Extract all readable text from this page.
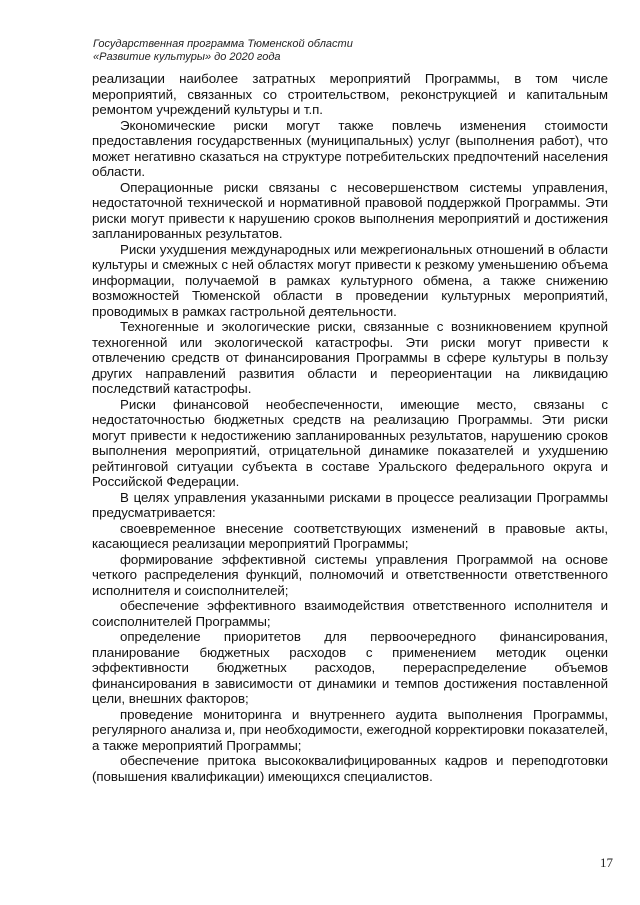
Государственная программа Тюменской области
«Развитие культуры» до 2020 года

реализации наиболее затратных мероприятий Программы, в том числе мероприятий, связанных со строительством, реконструкцией и капитальным ремонтом учреждений культуры и т.п.

Экономические риски могут также повлечь изменения стоимости предоставления государственных (муниципальных) услуг (выполнения работ), что может негативно сказаться на структуре потребительских предпочтений населения области.

Операционные риски связаны с несовершенством системы управления, недостаточной технической и нормативной правовой поддержкой Программы. Эти риски могут привести к нарушению сроков выполнения мероприятий и достижения запланированных результатов.

Риски ухудшения международных или межрегиональных отношений в области культуры и смежных с ней областях могут привести к резкому уменьшению объема информации, получаемой в рамках культурного обмена, а также снижению возможностей Тюменской области в проведении культурных мероприятий, проводимых в рамках гастрольной деятельности.

Техногенные и экологические риски, связанные с возникновением крупной техногенной или экологической катастрофы. Эти риски могут привести к отвлечению средств от финансирования Программы в сфере культуры в пользу других направлений развития области и переориентации на ликвидацию последствий катастрофы.

Риски финансовой необеспеченности, имеющие место, связаны с недостаточностью бюджетных средств на реализацию Программы. Эти риски могут привести к недостижению запланированных результатов, нарушению сроков выполнения мероприятий, отрицательной динамике показателей и ухудшению рейтинговой ситуации субъекта в составе Уральского федерального округа и Российской Федерации.

В целях управления указанными рисками в процессе реализации Программы предусматривается:

своевременное внесение соответствующих изменений в правовые акты, касающиеся реализации мероприятий Программы;

формирование эффективной системы управления Программой на основе четкого распределения функций, полномочий и ответственности ответственного исполнителя и соисполнителей;

обеспечение эффективного взаимодействия ответственного исполнителя и соисполнителей Программы;

определение приоритетов для первоочередного финансирования, планирование бюджетных расходов с применением методик оценки эффективности бюджетных расходов, перераспределение объемов финансирования в зависимости от динамики и темпов достижения поставленной цели, внешних факторов;

проведение мониторинга и внутреннего аудита выполнения Программы, регулярного анализа и, при необходимости, ежегодной корректировки показателей, а также мероприятий Программы;

обеспечение притока высококвалифицированных кадров и переподготовки (повышения квалификации) имеющихся специалистов.

17
